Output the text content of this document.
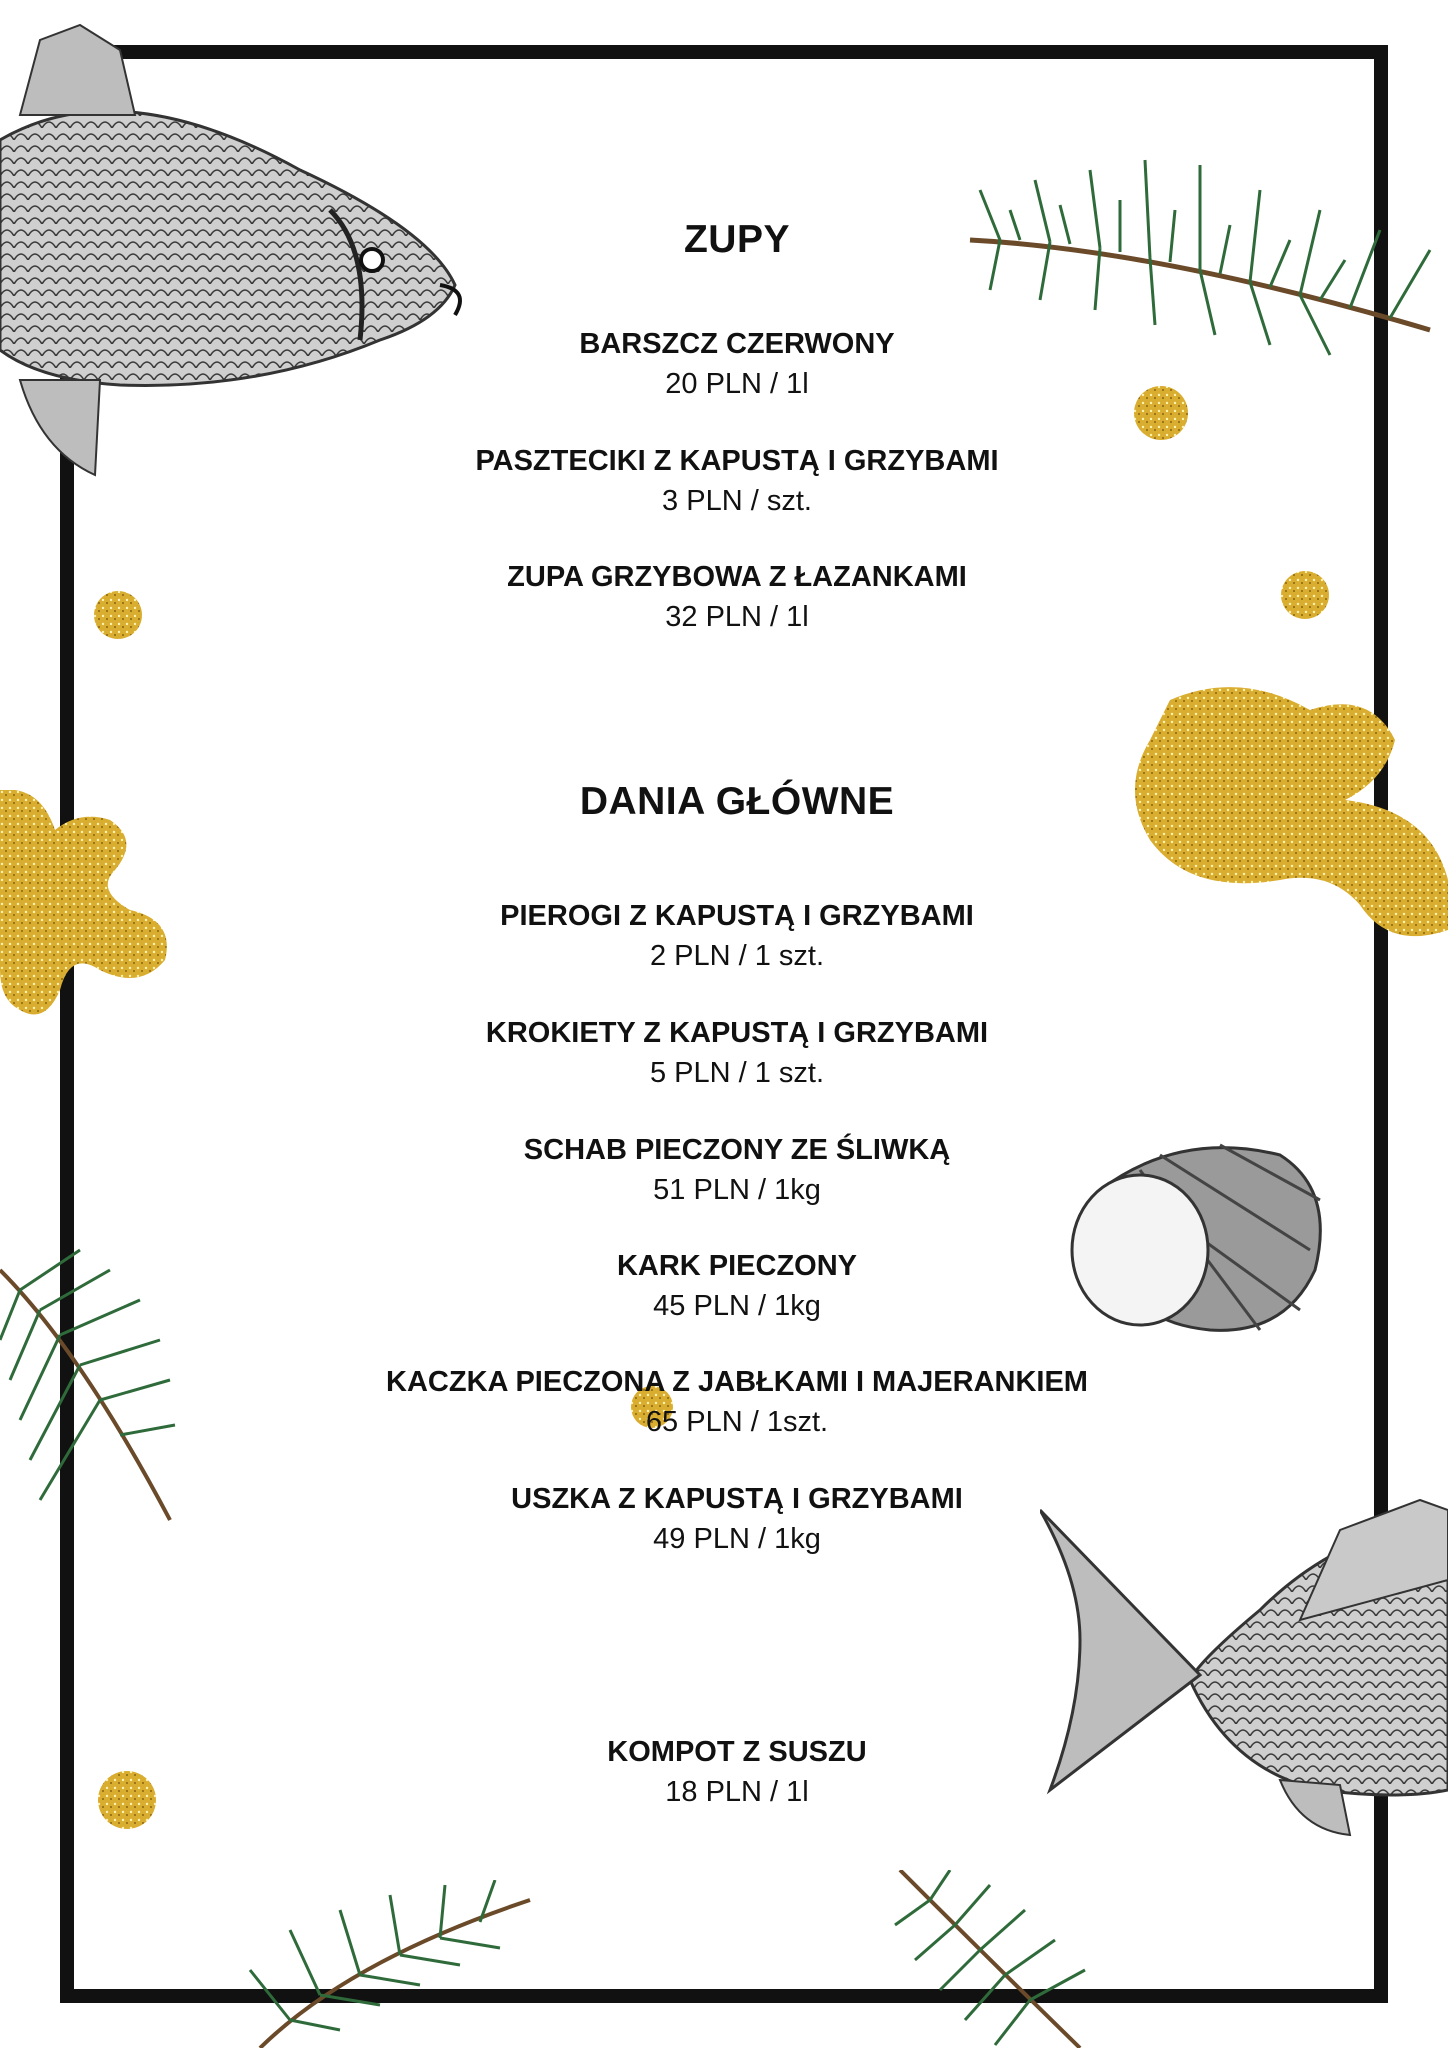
ZUPY
BARSZCZ CZERWONY
20 PLN / 1l
PASZTECIKI Z KAPUSTĄ I GRZYBAMI
3 PLN / szt.
ZUPA GRZYBOWA Z ŁAZANKAMI
32 PLN / 1l
DANIA GŁÓWNE
PIEROGI Z KAPUSTĄ I GRZYBAMI
2 PLN / 1 szt.
KROKIETY Z KAPUSTĄ I GRZYBAMI
5 PLN / 1 szt.
SCHAB PIECZONY ZE ŚLIWKĄ
51 PLN / 1kg
KARK PIECZONY
45 PLN / 1kg
KACZKA PIECZONA Z JABŁKAMI I MAJERANKIEM
65 PLN / 1szt.
USZKA Z KAPUSTĄ I GRZYBAMI
49 PLN / 1kg
KOMPOT Z SUSZU
18 PLN / 1l
